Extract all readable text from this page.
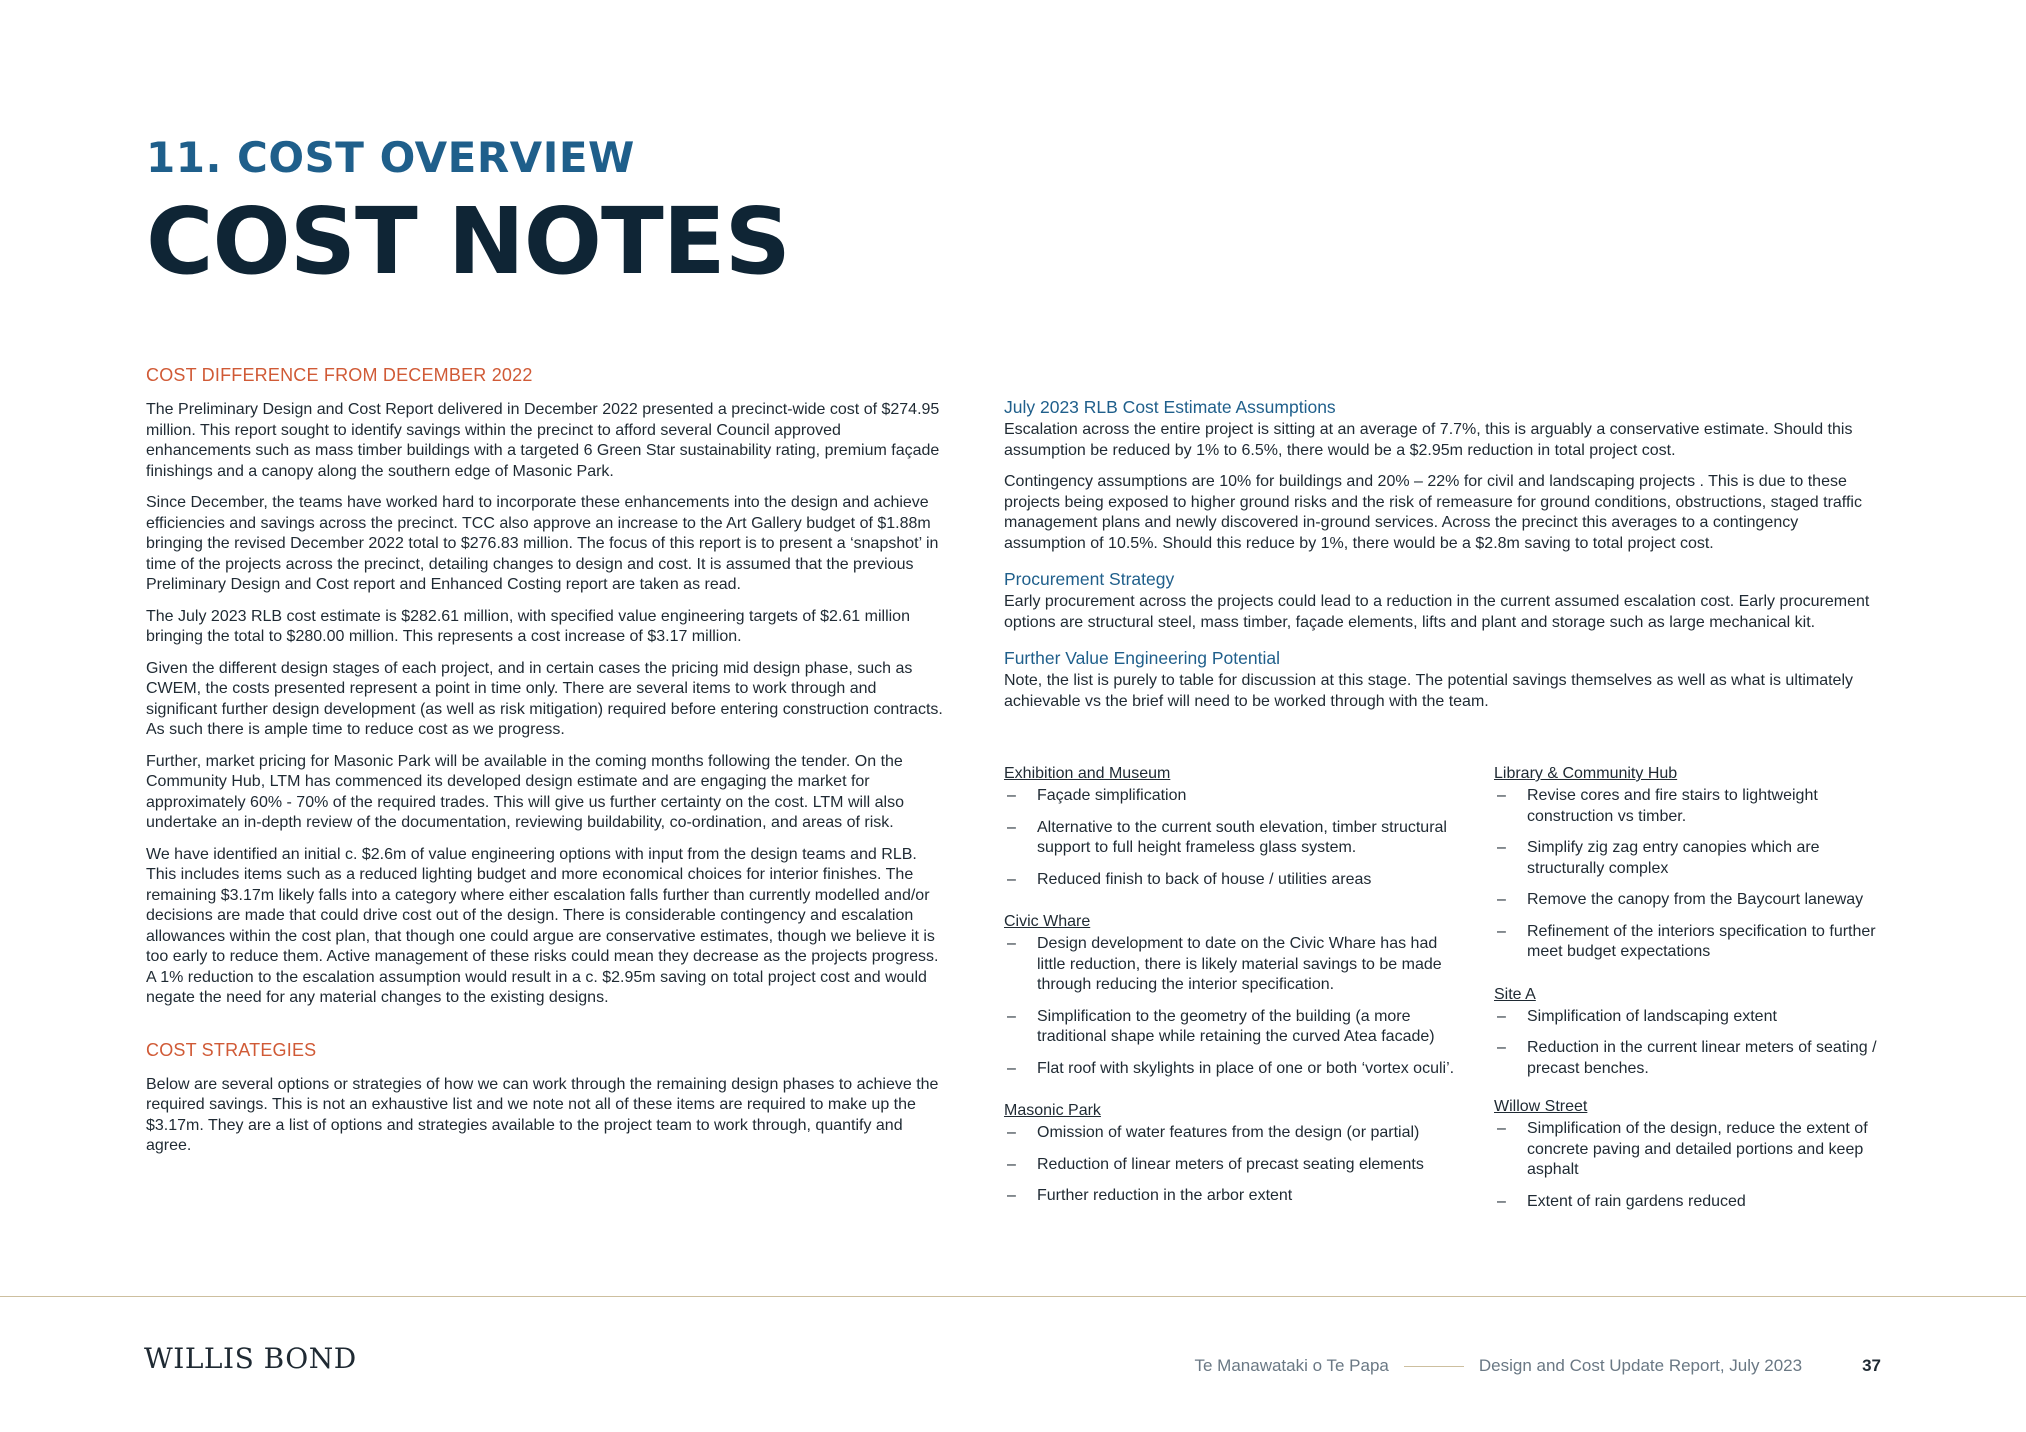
11. COST OVERVIEW
COST NOTES
COST DIFFERENCE FROM DECEMBER 2022

The Preliminary Design and Cost Report delivered in December 2022 presented a precinct-wide cost of $274.95 million. This report sought to identify savings within the precinct to afford several Council approved enhancements such as mass timber buildings with a targeted 6 Green Star sustainability rating, premium façade finishings and a canopy along the southern edge of Masonic Park.

Since December, the teams have worked hard to incorporate these enhancements into the design and achieve efficiencies and savings across the precinct. TCC also approve an increase to the Art Gallery budget of $1.88m bringing the revised December 2022 total to $276.83 million. The focus of this report is to present a ‘snapshot’ in time of the projects across the precinct, detailing changes to design and cost. It is assumed that the previous Preliminary Design and Cost report and Enhanced Costing report are taken as read.

The July 2023 RLB cost estimate is $282.61 million, with specified value engineering targets of $2.61 million bringing the total to $280.00 million. This represents a cost increase of $3.17 million.

Given the different design stages of each project, and in certain cases the pricing mid design phase, such as CWEM, the costs presented represent a point in time only. There are several items to work through and significant further design development (as well as risk mitigation) required before entering construction contracts. As such there is ample time to reduce cost as we progress.

Further, market pricing for Masonic Park will be available in the coming months following the tender. On the Community Hub, LTM has commenced its developed design estimate and are engaging the market for approximately 60% - 70% of the required trades. This will give us further certainty on the cost. LTM will also undertake an in-depth review of the documentation, reviewing buildability, co-ordination, and areas of risk.

We have identified an initial c. $2.6m of value engineering options with input from the design teams and RLB. This includes items such as a reduced lighting budget and more economical choices for interior finishes. The remaining $3.17m likely falls into a category where either escalation falls further than currently modelled and/or decisions are made that could drive cost out of the design. There is considerable contingency and escalation allowances within the cost plan, that though one could argue are conservative estimates, though we believe it is too early to reduce them. Active management of these risks could mean they decrease as the projects progress. A 1% reduction to the escalation assumption would result in a c. $2.95m saving on total project cost and would negate the need for any material changes to the existing designs.

COST STRATEGIES

Below are several options or strategies of how we can work through the remaining design phases to achieve the required savings. This is not an exhaustive list and we note not all of these items are required to make up the $3.17m. They are a list of options and strategies available to the project team to work through, quantify and agree.

July 2023 RLB Cost Estimate Assumptions

Escalation across the entire project is sitting at an average of 7.7%, this is arguably a conservative estimate. Should this assumption be reduced by 1% to 6.5%, there would be a $2.95m reduction in total project cost.

Contingency assumptions are 10% for buildings and 20% – 22% for civil and landscaping projects . This is due to these projects being exposed to higher ground risks and the risk of remeasure for ground conditions, obstructions, staged traffic management plans and newly discovered in-ground services. Across the precinct this averages to a contingency assumption of 10.5%. Should this reduce by 1%, there would be a $2.8m saving to total project cost.

Procurement Strategy

Early procurement across the projects could lead to a reduction in the current assumed escalation cost. Early procurement options are structural steel, mass timber, façade elements, lifts and plant and storage such as large mechanical kit.

Further Value Engineering Potential

Note, the list is purely to table for discussion at this stage. The potential savings themselves as well as what is ultimately achievable vs the brief will need to be worked through with the team.

Exhibition and Museum
– Façade simplification
– Alternative to the current south elevation, timber structural support to full height frameless glass system.
– Reduced finish to back of house / utilities areas
Civic Whare
– Design development to date on the Civic Whare has had little reduction, there is likely material savings to be made through reducing the interior specification.
– Simplification to the geometry of the building (a more traditional shape while retaining the curved Atea facade)
– Flat roof with skylights in place of one or both ‘vortex oculi’.
Masonic Park
– Omission of water features from the design (or partial)
– Reduction of linear meters of precast seating elements
– Further reduction in the arbor extent
Library & Community Hub
– Revise cores and fire stairs to lightweight construction vs timber.
– Simplify zig zag entry canopies which are structurally complex
– Remove the canopy from the Baycourt laneway
– Refinement of the interiors specification to further meet budget expectations
Site A
– Simplification of landscaping extent
– Reduction in the current linear meters of seating / precast benches.
Willow Street
– Simplification of the design, reduce the extent of concrete paving and detailed portions and keep asphalt
– Extent of rain gardens reduced
WILLIS BOND	Te Manawataki o Te Papa	Design and Cost Update Report, July 2023	37
